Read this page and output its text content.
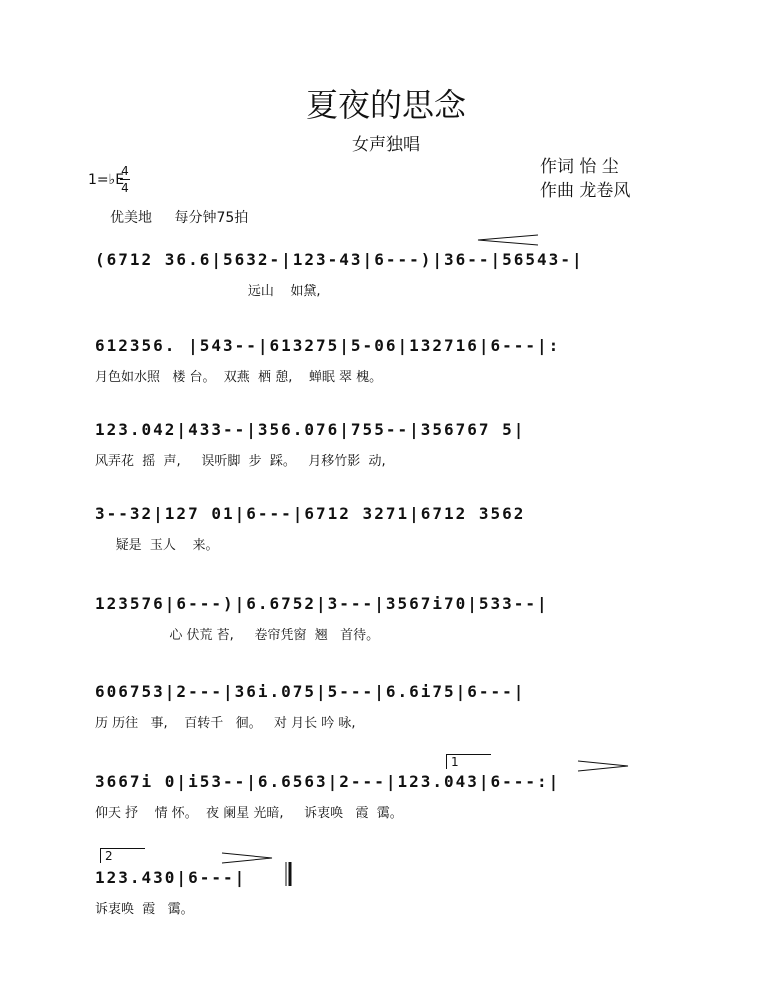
夏夜的思念
女声独唱
作词 怡 尘
作曲 龙卷风
1=♭E
4
4
优美地 每分钟75拍
1
2
(6712 36.6|5632-|123-43|6---)|36--|56543-|
远山    如黛,
612356. |543--|613275|5-06|132716|6---|:
月色如水照   楼 台。  双燕  栖 憩,    蝉眠 翠 槐。
123.042|433--|356.076|755--|356767 5|
风弄花  摇  声,     误听脚  步  踩。   月移竹影  动,
3--32|127 01|6---|6712 3271|6712 3562
疑是  玉人    来。
123576|6---)|6.6752|3---|3567i70|533--|
心 伏荒 苔,     卷帘凭窗  翘   首待。
606753|2---|36i.075|5---|6.6i75|6---|
历 历往   事,    百转千   徊。   对 月长 吟 咏,
3667i 0|i53--|6.6563|2---|123.043|6---:|
仰天 抒    情 怀。  夜 阑星 光暗,     诉衷唤   霞  霭。
123.430|6---|
诉衷唤  霞   霭。
